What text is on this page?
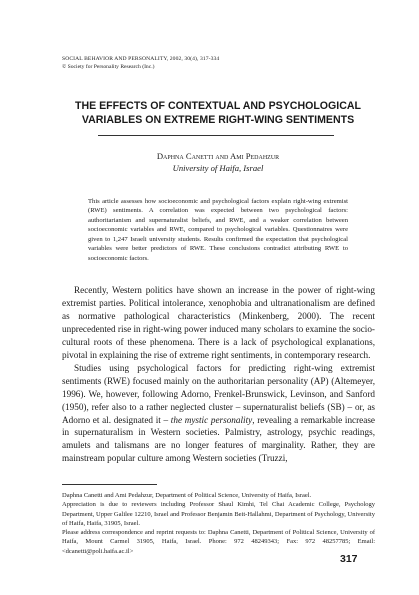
SOCIAL BEHAVIOR AND PERSONALITY, 2002, 30(4), 317-334
© Society for Personality Research (Inc.)
THE EFFECTS OF CONTEXTUAL AND PSYCHOLOGICAL
VARIABLES ON EXTREME RIGHT-WING SENTIMENTS
Daphna Canetti and Ami Pedahzur
University of Haifa, Israel
This article assesses how socioeconomic and psychological factors explain right-wing extremist (RWE) sentiments. A correlation was expected between two psychological factors: authoritarianism and supernaturalist beliefs, and RWE, and a weaker correlation between socioeconomic variables and RWE, compared to psychological variables. Questionnaires were given to 1,247 Israeli university students. Results confirmed the expectation that psychological variables were better predictors of RWE. These conclusions contradict attributing RWE to socioeconomic factors.

Recently, Western politics have shown an increase in the power of right-wing extremist parties. Political intolerance, xenophobia and ultranationalism are defined as normative pathological characteristics (Minkenberg, 2000). The recent unprecedented rise in right-wing power induced many scholars to examine the socio-cultural roots of these phenomena. There is a lack of psychological explanations, pivotal in explaining the rise of extreme right sentiments, in contemporary research.

Studies using psychological factors for predicting right-wing extremist sentiments (RWE) focused mainly on the authoritarian personality (AP) (Altemeyer, 1996). We, however, following Adorno, Frenkel-Brunswick, Levinson, and Sanford (1950), refer also to a rather neglected cluster – supernaturalist beliefs (SB) – or, as Adorno et al. designated it – the mystic personality, revealing a remarkable increase in supernaturalism in Western societies. Palmistry, astrology, psychic readings, amulets and talismans are no longer features of marginality. Rather, they are mainstream popular culture among Western societies (Truzzi,

Daphna Canetti and Ami Pedahzur, Department of Political Science, University of Haifa, Israel.

Appreciation is due to reviewers including Professor Shaul Kimhi, Tel Chai Academic College, Psychology Department, Upper Galilee 12210, Israel and Professor Benjamin Beit-Hallahmi, Department of Psychology, University of Haifa, Haifa, 31905, Israel.

Please address correspondence and reprint requests to: Daphna Canetti, Department of Political Science, University of Haifa, Mount Carmel 31905, Haifa, Israel. Phone: 972 48249343; Fax: 972 48257785; Email:<dcanetti@poli.haifa.ac.il>

317
